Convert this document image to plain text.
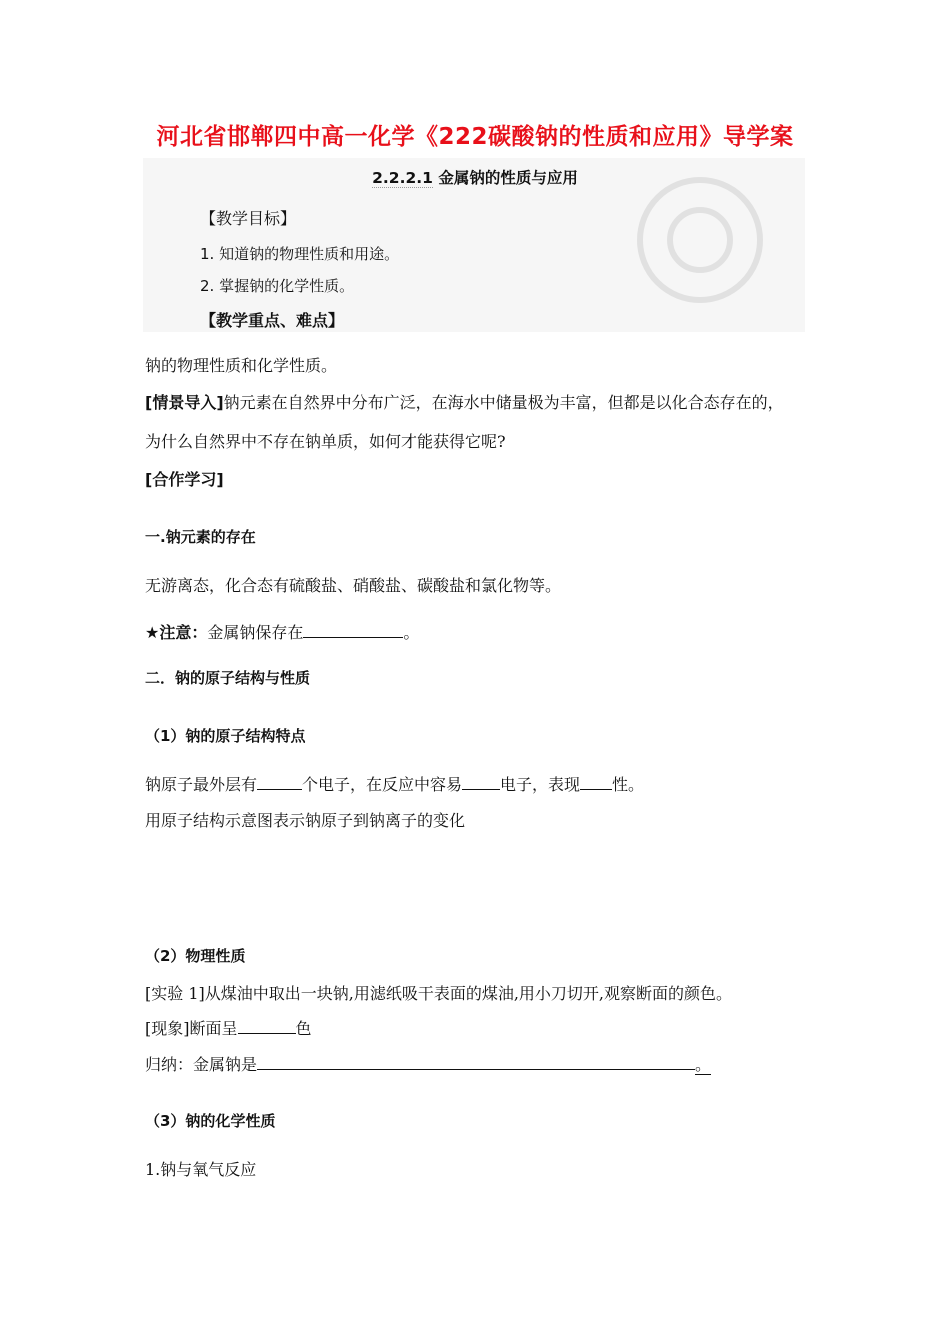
河北省邯郸四中高一化学《222碳酸钠的性质和应用》导学案
2.2.2.1 金属钠的性质与应用
【教学目标】
1. 知道钠的物理性质和用途。
2. 掌握钠的化学性质。
【教学重点、难点】
钠的物理性质和化学性质。
[情景导入]钠元素在自然界中分布广泛，在海水中储量极为丰富，但都是以化合态存在的，
为什么自然界中不存在钠单质，如何才能获得它呢?
[合作学习]
一.钠元素的存在
无游离态，化合态有硫酸盐、硝酸盐、碳酸盐和氯化物等。
★注意：金属钠保存在	。
二．钠的原子结构与性质
（1）钠的原子结构特点
钠原子最外层有	个电子，在反应中容易 电子，表现 性。
用原子结构示意图表示钠原子到钠离子的变化
（2）物理性质
[实验 1]从煤油中取出一块钠,用滤纸吸干表面的煤油,用小刀切开,观察断面的颜色。
[现象]断面呈	色
归纳：金属钠是	。
（3）钠的化学性质
1.钠与氧气反应
